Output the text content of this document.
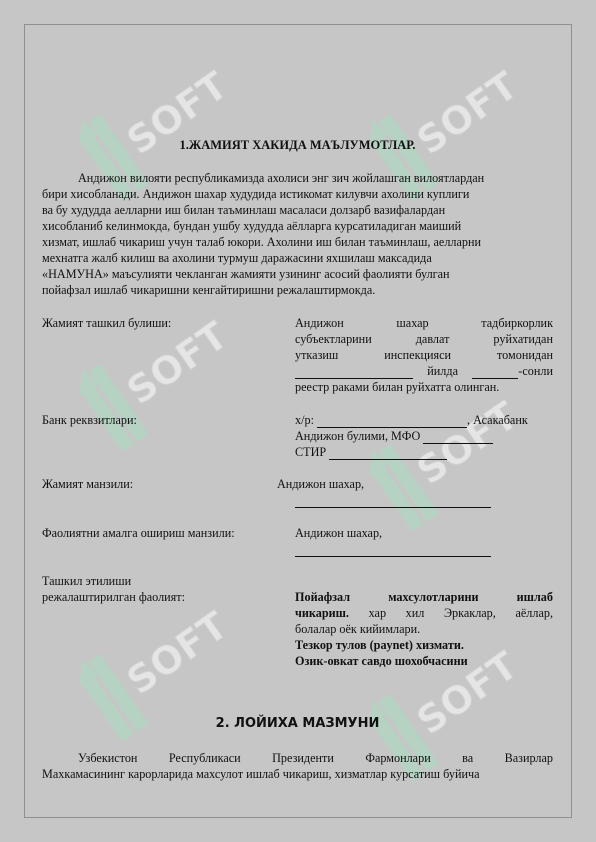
1.ЖАМИЯТ ХАКИДА МАЪЛУМОТЛАР.
Андижон вилояти республикамизда ахолиси энг зич жойлашган вилоятлардан
бири хисобланади. Андижон шахар худудида истикомат килувчи ахолини куплиги
ва бу худудда аелларни иш билан таъминлаш масаласи долзарб вазифалардан
хисобланиб келинмокда, бундан ушбу худудда аёлларга курсатиладиган маиший
хизмат, ишлаб чикариш учун талаб юкори. Ахолини иш билан таъминлаш, аелларни
мехнатга жалб килиш ва ахолини турмуш даражасини яхшилаш максадида
«НАМУНА» маъсулияти чекланган жамияти узининг асосий фаолияти булган
пойафзал ишлаб чикаришни кенгайтиришни режалаштирмокда.
Жамият ташкил булиши:	Андижон шахар тадбиркорлик
субъектларини давлат руйхатидан
утказиш инспекцияси томонидан
йилда	-сонли
реестр раками билан руйхатга олинган.
Банк реквзитлари:	х/р:	, Асакабанк
Андижон булими, МФО
СТИР
Жамият манзили:	Андижон шахар,
Фаолиятни амалга ошириш манзили:	Андижон шахар,
Ташкил этилиши
режалаштирилган фаолият:	Пойафзал махсулотларини ишлаб
чикариш. хар хил Эркаклар, аёллар,
болалар оёк кийимлари.
Тезкор тулов (paynet) хизмати.
Озик-овкат савдо шохобчасини
2. ЛОЙИХА МАЗМУНИ
Узбекистон Республикаси Президенти Фармонлари ва Вазирлар
Махкамасининг карорларида махсулот ишлаб чикариш, хизматлар курсатиш буйича
